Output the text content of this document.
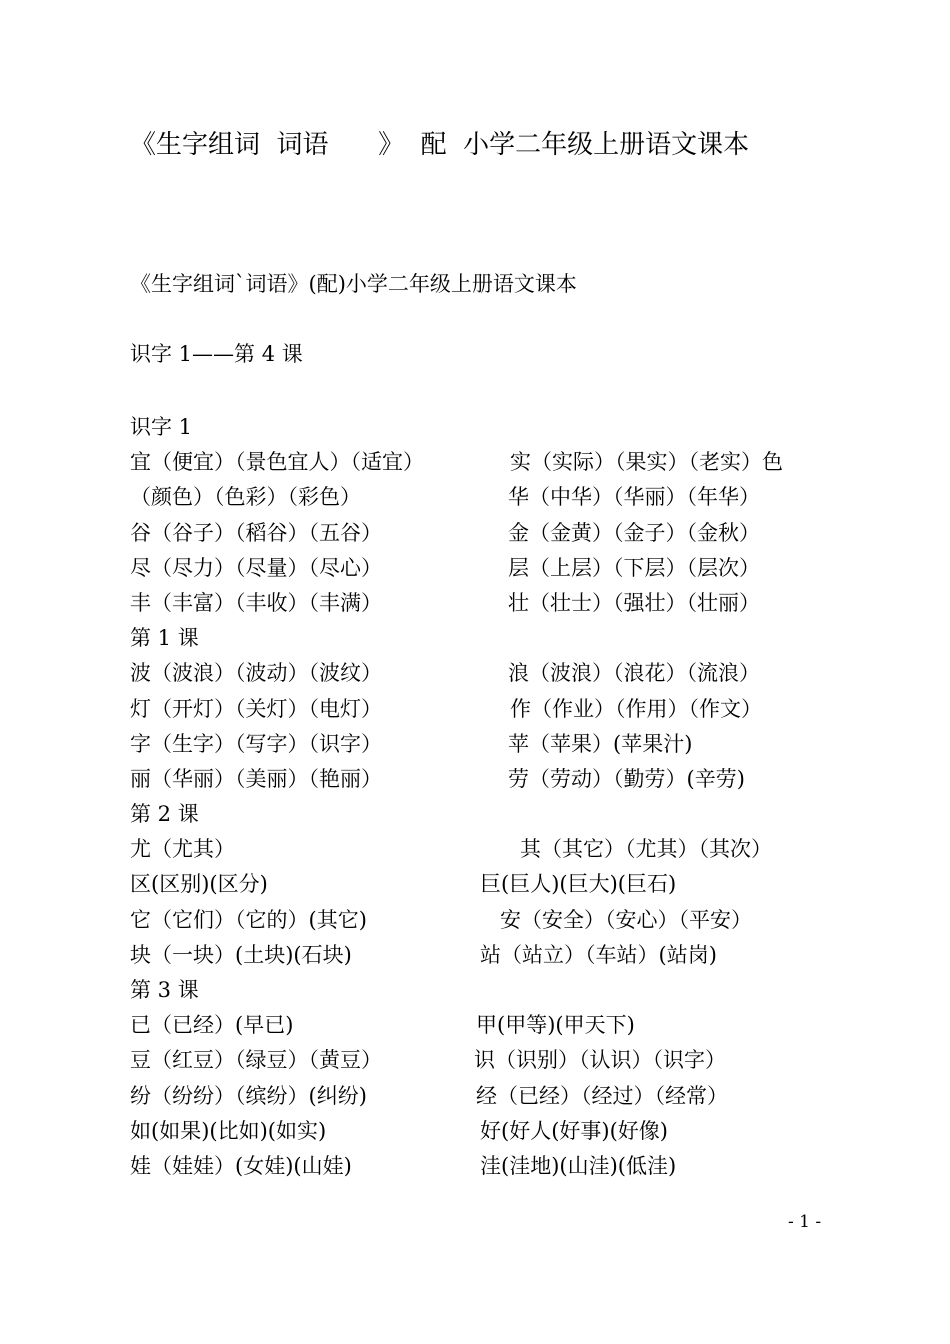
《生字组词  词语      》  配  小学二年级上册语文课本
《生字组词`词语》(配)小学二年级上册语文课本
识字 1——第 4 课
识字 1
宜（便宜）（景色宜人）（适宜）	实（实际）（果实）（老实）色
（颜色）（色彩）（彩色）	华（中华）（华丽）（年华）
谷（谷子）（稻谷）（五谷）	金（金黄）（金子）（金秋）
尽（尽力）（尽量）（尽心）	层（上层）（下层）（层次）
丰（丰富）（丰收）（丰满）	壮（壮士）（强壮）（壮丽）
第 1 课
波（波浪）（波动）（波纹）	浪（波浪）（浪花）（流浪）
灯（开灯）（关灯）（电灯）	作（作业）（作用）（作文）
字（生字）（写字）（识字）	苹（苹果）(苹果汁)
丽（华丽）（美丽）（艳丽）	劳（劳动）（勤劳）(辛劳)
第 2 课
尤（尤其）	其（其它）（尤其）（其次）
区(区别)(区分)	巨(巨人)(巨大)(巨石)
它（它们）（它的）(其它)	安（安全）（安心）（平安）
块（一块）(土块)(石块)	站（站立）（车站）(站岗)
第 3 课
已（已经）(早已)	甲(甲等)(甲天下)
豆（红豆）（绿豆）（黄豆）	识（识别）（认识）（识字）
纷（纷纷）（缤纷）(纠纷)	经（已经）（经过）（经常）
如(如果)(比如)(如实)	好(好人(好事)(好像)
娃（娃娃）(女娃)(山娃)	洼(洼地)(山洼)(低洼)
- 1 -
